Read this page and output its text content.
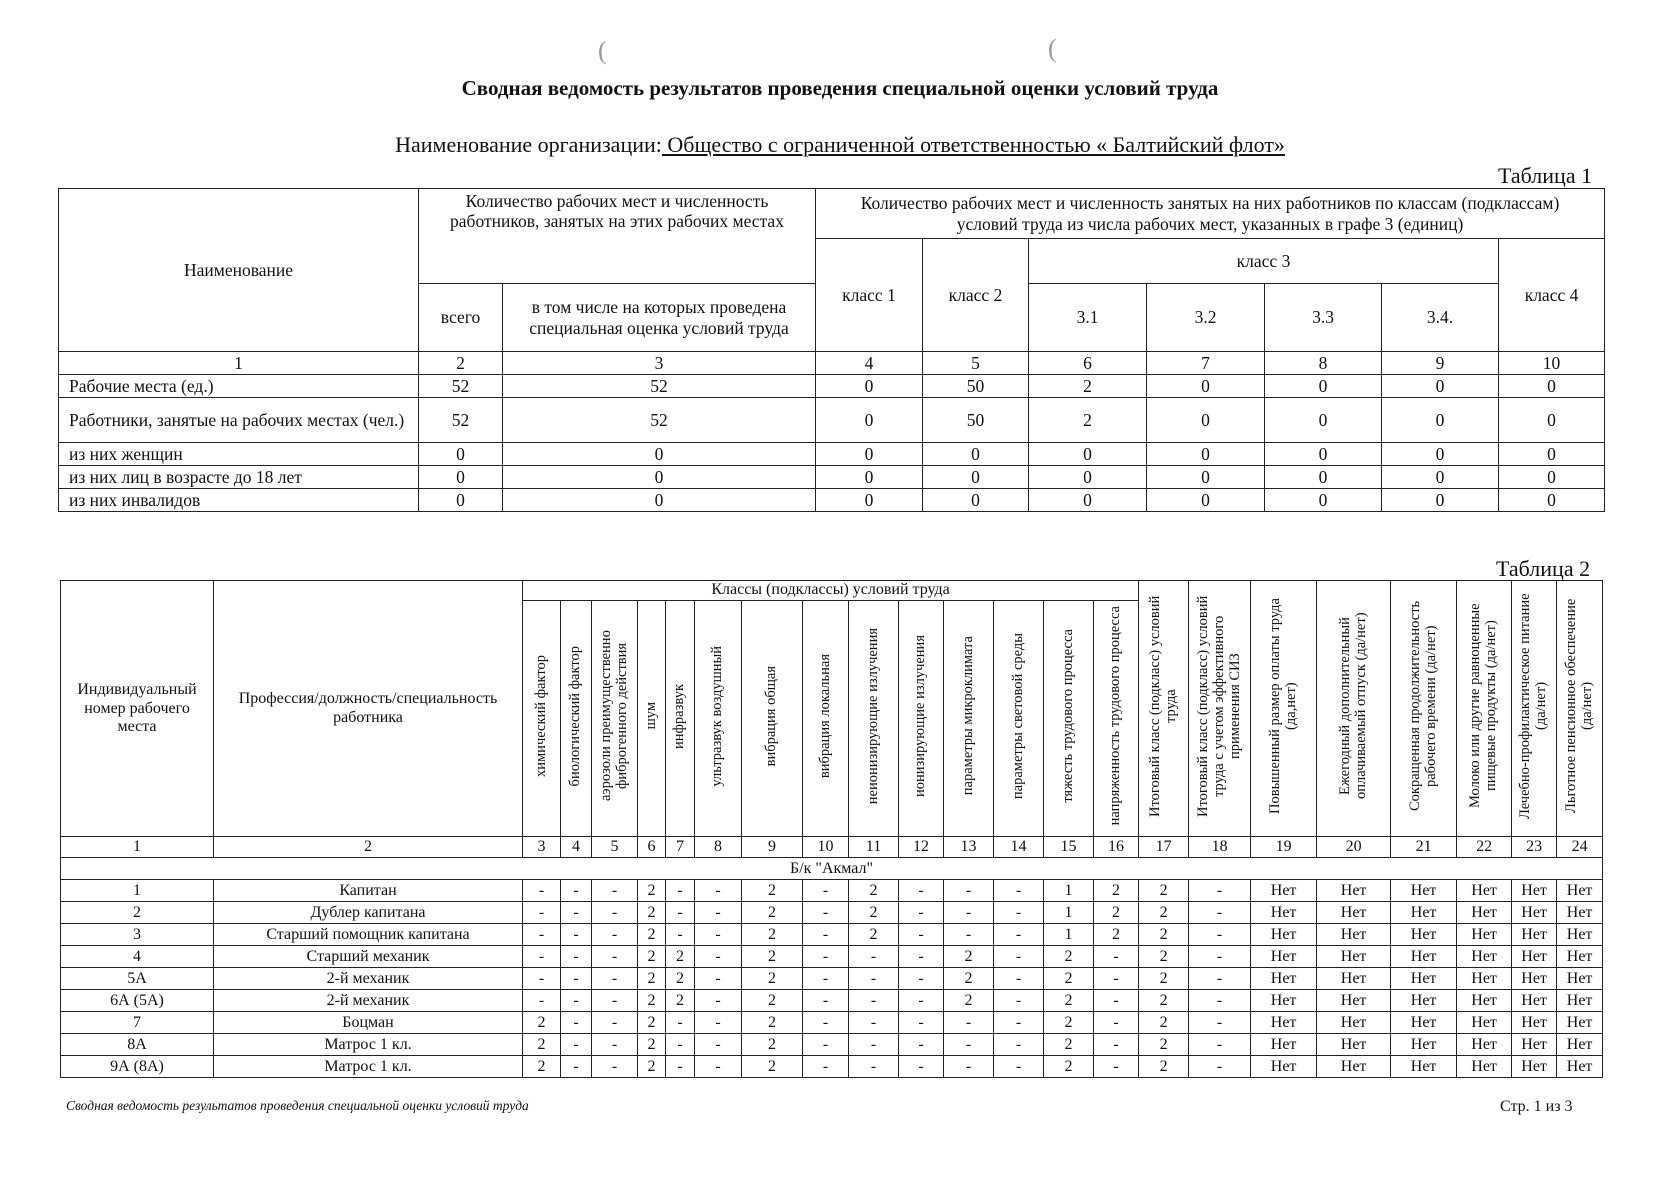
(	(
Сводная ведомость результатов проведения специальной оценки условий труда
Наименование организации: Общество с ограниченной ответственностью « Балтийский флот»
Таблица 1
Наименование	Количество рабочих мест и численность работников, занятых на этих рабочих местах		Количество рабочих мест и численность занятых на них работников по классам (подклассам) условий труда из числа рабочих мест, указанных в графе 3 (единиц)						
			класс 1	класс 2	класс 3				класс 4
	всего	в том числе на которых проведена специальная оценка условий труда			3.1	3.2	3.3	3.4.	
1	2	3	4	5	6	7	8	9	10
Рабочие места (ед.)	52	52	0	50	2	0	0	0	0
Работники, занятые на рабочих местах (чел.)	52	52	0	50	2	0	0	0	0
из них женщин	0	0	0	0	0	0	0	0	0
из них лиц в возрасте до 18 лет	0	0	0	0	0	0	0	0	0
из них инвалидов	0	0	0	0	0	0	0	0	0
Таблица 2
Индивидуальный номер рабочего места	Профессия/должность/специальность работника	Классы (подклассы) условий труда														Итоговый класс (подкласс) условий труда	Итоговый класс (подкласс) условий труда с учетом эффективного применения СИЗ	Повышенный размер оплаты труда (да,нет)	Ежегодный дополнительный оплачиваемый отпуск (да/нет)	Сокращенная продолжительность рабочего времени (да/нет)	Молоко или другие равноценные пищевые продукты (да/нет)	Лечебно-профилактическое питание (да/нет)	Льготное пенсионное обеспечение (да/нет)
		химический фактор	биологический фактор	аэрозоли преимущественно фиброгенного действия	шум	инфразвук	ультразвук воздушный	вибрация общая	вибрация локальная	неионизирующие излучения	ионизирующие излучения	параметры микроклимата	параметры световой среды	тяжесть трудового процесса	напряженность трудового процесса								
1	2	3	4	5	6	7	8	9	10	11	12	13	14	15	16	17	18	19	20	21	22	23	24
Б/к "Акмал"																							
1	Капитан	-	-	-	2	-	-	2	-	2	-	-	-	1	2	2	-	Нет	Нет	Нет	Нет	Нет	Нет
2	Дублер капитана	-	-	-	2	-	-	2	-	2	-	-	-	1	2	2	-	Нет	Нет	Нет	Нет	Нет	Нет
3	Старший помощник капитана	-	-	-	2	-	-	2	-	2	-	-	-	1	2	2	-	Нет	Нет	Нет	Нет	Нет	Нет
4	Старший механик	-	-	-	2	2	-	2	-	-	-	2	-	2	-	2	-	Нет	Нет	Нет	Нет	Нет	Нет
5А	2-й механик	-	-	-	2	2	-	2	-	-	-	2	-	2	-	2	-	Нет	Нет	Нет	Нет	Нет	Нет
6А (5А)	2-й механик	-	-	-	2	2	-	2	-	-	-	2	-	2	-	2	-	Нет	Нет	Нет	Нет	Нет	Нет
7	Боцман	2	-	-	2	-	-	2	-	-	-	-	-	2	-	2	-	Нет	Нет	Нет	Нет	Нет	Нет
8А	Матрос 1 кл.	2	-	-	2	-	-	2	-	-	-	-	-	2	-	2	-	Нет	Нет	Нет	Нет	Нет	Нет
9А (8А)	Матрос 1 кл.	2	-	-	2	-	-	2	-	-	-	-	-	2	-	2	-	Нет	Нет	Нет	Нет	Нет	Нет
Сводная ведомость результатов проведения специальной оценки условий труда	Стр. 1 из 3
